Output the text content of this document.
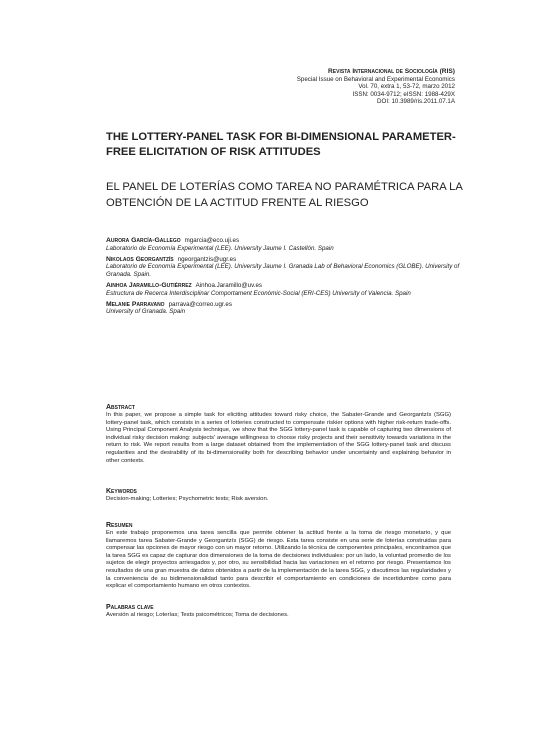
Revista Internacional de Sociología (RIS)
Special Issue on Behavioral and Experimental Economics
Vol. 70, extra 1, 53-72, marzo 2012
ISSN: 0034-9712; eISSN: 1988-429X
DOI: 10.3989/ris.2011.07.1A
THE LOTTERY-PANEL TASK FOR BI-DIMENSIONAL PARAMETER-FREE ELICITATION OF RISK ATTITUDES
EL PANEL DE LOTERÍAS COMO TAREA NO PARAMÉTRICA PARA LA OBTENCIÓN DE LA ACTITUD FRENTE AL RIESGO
Aurora García-Gallego mgarcia@eco.uji.es
Laboratorio de Economía Experimental (LEE). University Jaume I. Castellón. Spain
Nikolaos Georgantzís ngeorgantzis@ugr.es
Laboratorio de Economía Experimental (LEE). University Jaume I. Granada Lab of Behavioral Economics (GLOBE). University of Granada. Spain.
Ainhoa Jaramillo-Gutiérrez Ainhoa.Jaramillo@uv.es
Estructura de Recerca Interdisciplinar Comportament Econòmic-Social (ERI-CES) University of Valencia. Spain
Melanie Parravano parrava@correo.ugr.es
University of Granada. Spain
Abstract
In this paper, we propose a simple task for eliciting attitudes toward risky choice, the Sabater-Grande and Georgantzís (SGG) lottery-panel task, which consists in a series of lotteries constructed to compensate riskier options with higher risk-return trade-offs. Using Principal Component Analysis technique, we show that the SGG lottery-panel task is capable of capturing two dimensions of individual risky decision making: subjects' average willingness to choose risky projects and their sensitivity towards variations in the return to risk. We report results from a large dataset obtained from the implementation of the SGG lottery-panel task and discuss regularities and the desirability of its bi-dimensionality both for describing behavior under uncertainty and explaining behavior in other contexts.
Keywords
Decision-making; Lotteries; Psychometric tests; Risk aversion.
Resumen
En este trabajo proponemos una tarea sencilla que permite obtener la actitud frente a la toma de riesgo monetario, y que llamaremos tarea Sabater-Grande y Georgantzís (SGG) de riesgo. Esta tarea consiste en una serie de loterías construidas para compensar las opciones de mayor riesgo con un mayor retorno. Utilizando la técnica de componentes principales, encontramos que la tarea SGG es capaz de capturar dos dimensiones de la toma de decisiones individuales: por un lado, la voluntad promedio de los sujetos de elegir proyectos arriesgados y, por otro, su sensibilidad hacia las variaciones en el retorno por riesgo. Presentamos los resultados de una gran muestra de datos obtenidos a partir de la implementación de la tarea SGG, y discutimos las regularidades y la conveniencia de su bidimensionalidad tanto para describir el comportamiento en condiciones de incertidumbre como para explicar el comportamiento humano en otros contextos.
Palabras clave
Aversión al riesgo; Loterías; Tests psicométricos; Toma de decisiones.
